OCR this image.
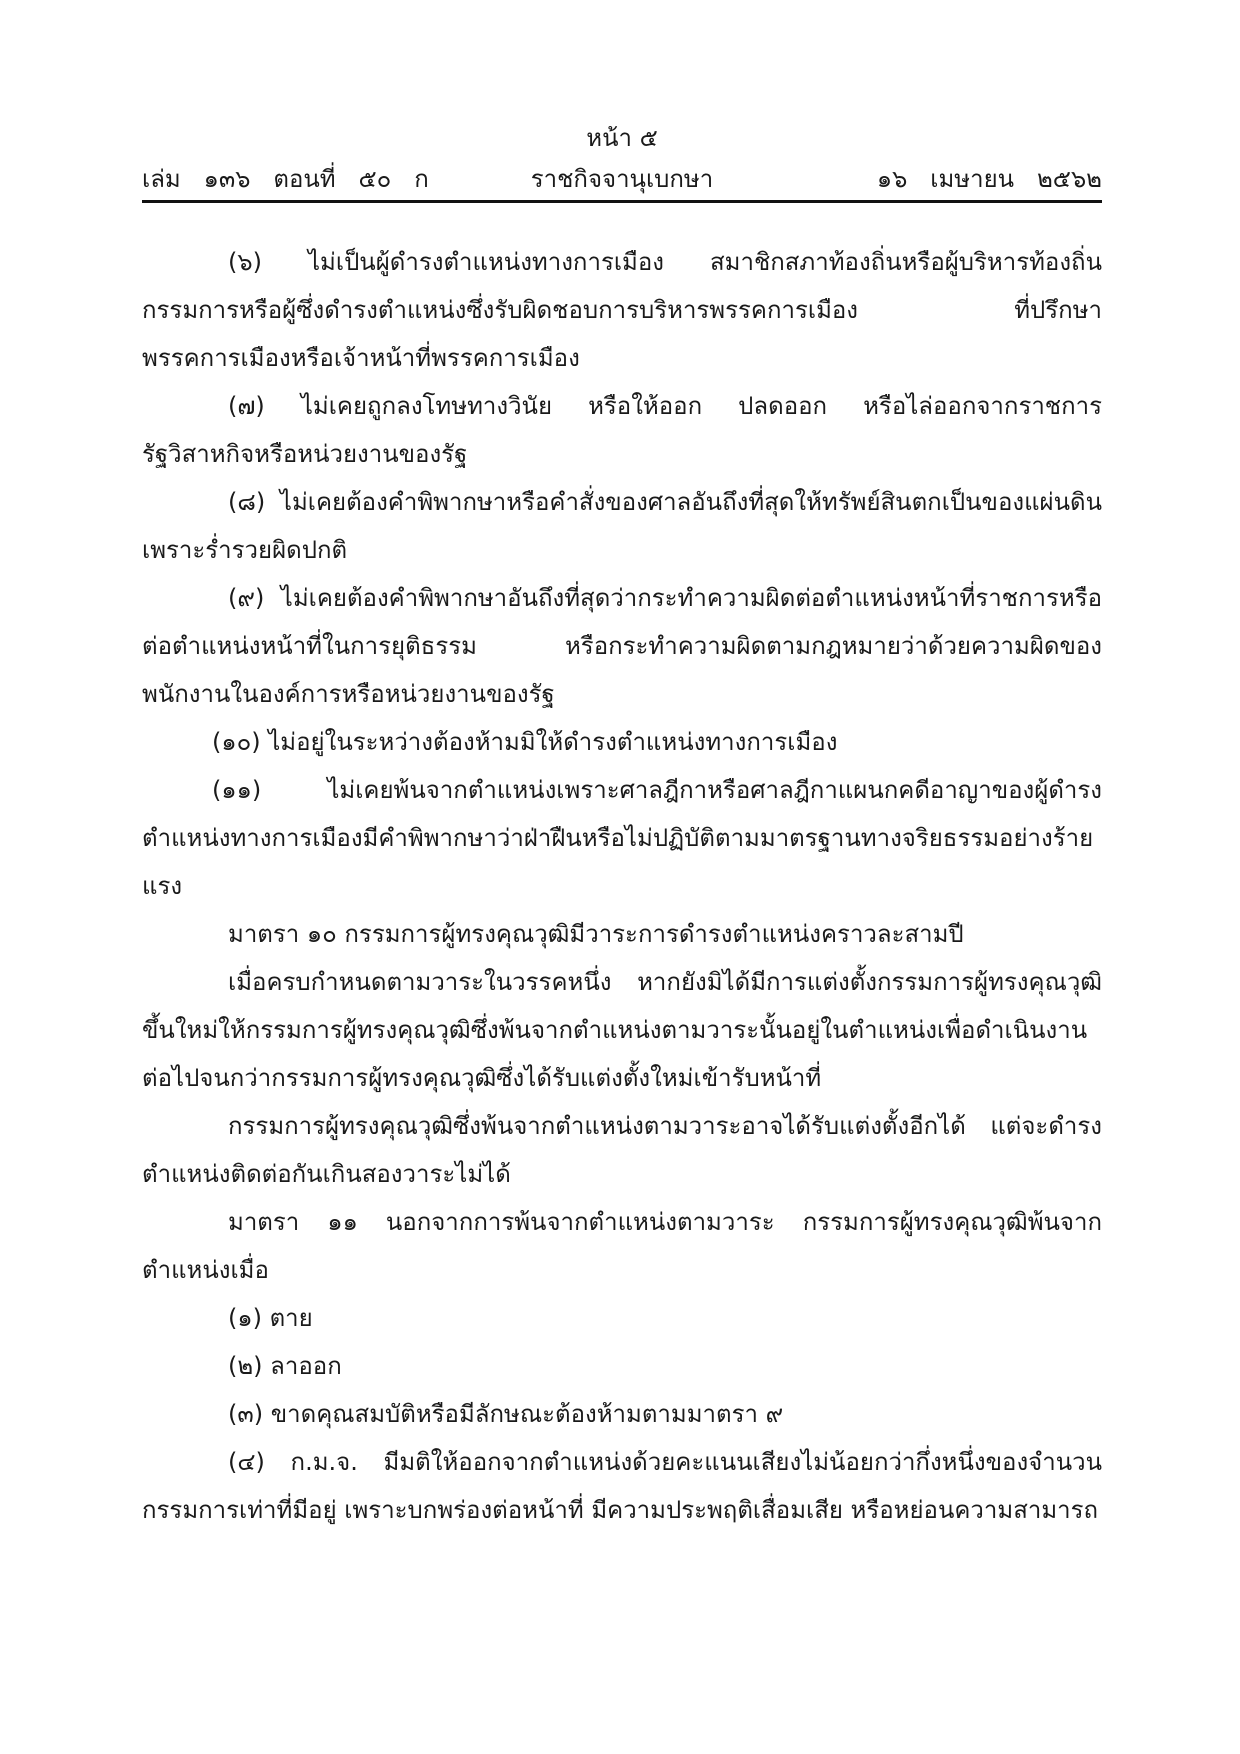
หน้า ๕
เล่ม   ๑๓๖   ตอนที่   ๕๐   ก	ราชกิจจานุเบกษา	๑๖   เมษายน   ๒๕๖๒

(๖) ไม่เป็นผู้ดำรงตำแหน่งทางการเมือง สมาชิกสภาท้องถิ่นหรือผู้บริหารท้องถิ่น กรรมการหรือผู้ซึ่งดำรงตำแหน่งซึ่งรับผิดชอบการบริหารพรรคการเมือง ที่ปรึกษาพรรคการเมืองหรือเจ้าหน้าที่พรรคการเมือง

(๗) ไม่เคยถูกลงโทษทางวินัย หรือให้ออก ปลดออก หรือไล่ออกจากราชการ รัฐวิสาหกิจหรือหน่วยงานของรัฐ

(๘) ไม่เคยต้องคำพิพากษาหรือคำสั่งของศาลอันถึงที่สุดให้ทรัพย์สินตกเป็นของแผ่นดินเพราะร่ำรวยผิดปกติ

(๙) ไม่เคยต้องคำพิพากษาอันถึงที่สุดว่ากระทำความผิดต่อตำแหน่งหน้าที่ราชการหรือต่อตำแหน่งหน้าที่ในการยุติธรรม หรือกระทำความผิดตามกฎหมายว่าด้วยความผิดของพนักงานในองค์การหรือหน่วยงานของรัฐ

(๑๐) ไม่อยู่ในระหว่างต้องห้ามมิให้ดำรงตำแหน่งทางการเมือง

(๑๑) ไม่เคยพ้นจากตำแหน่งเพราะศาลฎีกาหรือศาลฎีกาแผนกคดีอาญาของผู้ดำรงตำแหน่งทางการเมืองมีคำพิพากษาว่าฝ่าฝืนหรือไม่ปฏิบัติตามมาตรฐานทางจริยธรรมอย่างร้ายแรง

มาตรา ๑๐ กรรมการผู้ทรงคุณวุฒิมีวาระการดำรงตำแหน่งคราวละสามปี

เมื่อครบกำหนดตามวาระในวรรคหนึ่ง หากยังมิได้มีการแต่งตั้งกรรมการผู้ทรงคุณวุฒิขึ้นใหม่ให้กรรมการผู้ทรงคุณวุฒิซึ่งพ้นจากตำแหน่งตามวาระนั้นอยู่ในตำแหน่งเพื่อดำเนินงานต่อไปจนกว่ากรรมการผู้ทรงคุณวุฒิซึ่งได้รับแต่งตั้งใหม่เข้ารับหน้าที่

กรรมการผู้ทรงคุณวุฒิซึ่งพ้นจากตำแหน่งตามวาระอาจได้รับแต่งตั้งอีกได้ แต่จะดำรงตำแหน่งติดต่อกันเกินสองวาระไม่ได้

มาตรา ๑๑ นอกจากการพ้นจากตำแหน่งตามวาระ กรรมการผู้ทรงคุณวุฒิพ้นจากตำแหน่งเมื่อ

(๑) ตาย

(๒) ลาออก

(๓) ขาดคุณสมบัติหรือมีลักษณะต้องห้ามตามมาตรา ๙

(๔) ก.ม.จ. มีมติให้ออกจากตำแหน่งด้วยคะแนนเสียงไม่น้อยกว่ากึ่งหนึ่งของจำนวนกรรมการเท่าที่มีอยู่ เพราะบกพร่องต่อหน้าที่ มีความประพฤติเสื่อมเสีย หรือหย่อนความสามารถ
